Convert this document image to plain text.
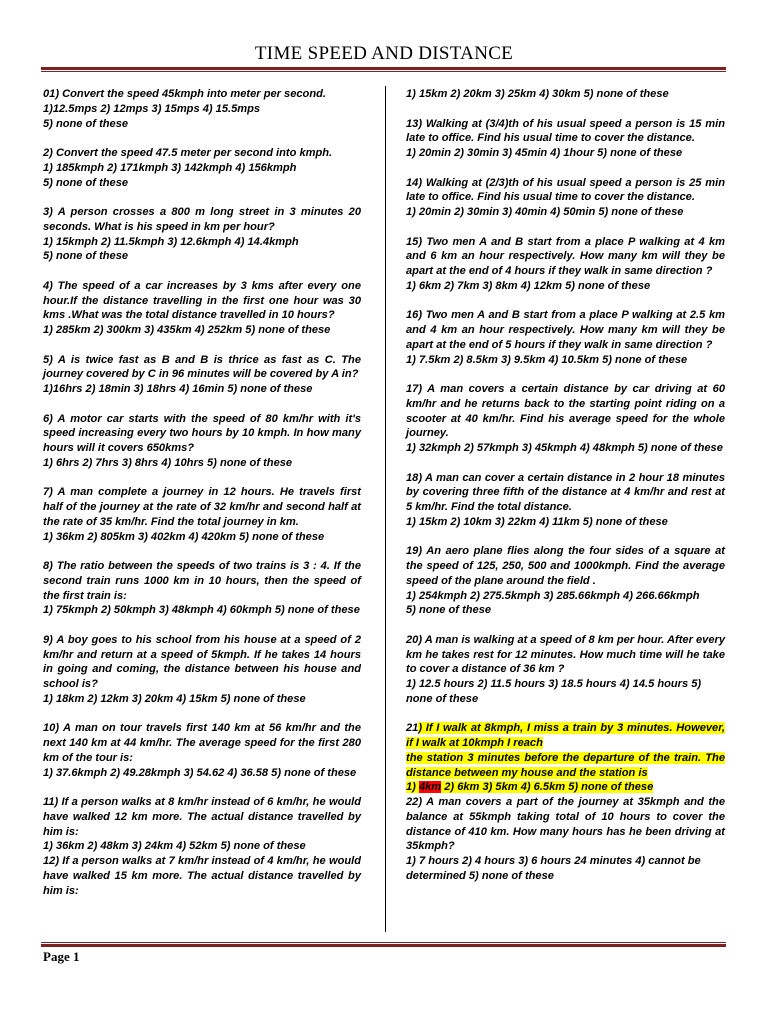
TIME SPEED AND DISTANCE
01) Convert the speed 45kmph into meter per second.
1)12.5mps 2) 12mps 3) 15mps 4) 15.5mps
5) none of these
2) Convert the speed 47.5 meter per second into kmph.
1) 185kmph 2) 171kmph 3) 142kmph 4) 156kmph
5) none of these
3) A person crosses a 800 m long street in 3 minutes 20 seconds. What is his speed in km per hour?
1) 15kmph 2) 11.5kmph 3) 12.6kmph 4) 14.4kmph
5) none of these
4) The speed of a car increases by 3 kms after every one hour.If the distance travelling in the first one hour was 30 kms .What was the total distance travelled in 10 hours?
1) 285km 2) 300km 3) 435km 4) 252km 5) none of these
5) A is twice fast as B and B is thrice as fast as C. The journey covered by C in 96 minutes will be covered by A in?
1)16hrs 2) 18min 3) 18hrs 4) 16min 5) none of these
6) A motor car starts with the speed of 80 km/hr with it's speed increasing every two hours by 10 kmph. In how many hours will it covers 650kms?
1) 6hrs 2) 7hrs 3) 8hrs 4) 10hrs 5) none of these
7) A man complete a journey in 12 hours. He travels first half of the journey at the rate of 32 km/hr and second half at the rate of 35 km/hr. Find the total journey in km.
1) 36km 2) 805km 3) 402km 4) 420km 5) none of these
8) The ratio between the speeds of two trains is 3 : 4. If the second train runs 1000 km in 10 hours, then the speed of the first train is:
1) 75kmph 2) 50kmph 3) 48kmph 4) 60kmph 5) none of these
9) A boy goes to his school from his house at a speed of 2 km/hr and return at a speed of 5kmph. If he takes 14 hours in going and coming, the distance between his house and school is?
1) 18km 2) 12km 3) 20km 4) 15km 5) none of these
10) A man on tour travels first 140 km at 56 km/hr and the next 140 km at 44 km/hr. The average speed for the first 280 km of the tour is:
1) 37.6kmph 2) 49.28kmph 3) 54.62 4) 36.58 5) none of these
11) If a person walks at 8 km/hr instead of 6 km/hr, he would have walked 12 km more. The actual distance travelled by him is:
1) 36km 2) 48km 3) 24km 4) 52km 5) none of these
12) If a person walks at 7 km/hr instead of 4 km/hr, he would have walked 15 km more. The actual distance travelled by him is:
1) 15km 2) 20km 3) 25km 4) 30km 5) none of these
13) Walking at (3/4)th of his usual speed a person is 15 min late to office. Find his usual time to cover the distance.
1) 20min 2) 30min 3) 45min 4) 1hour 5) none of these
14) Walking at (2/3)th of his usual speed a person is 25 min late to office. Find his usual time to cover the distance.
1) 20min 2) 30min 3) 40min 4) 50min 5) none of these
15) Two men A and B start from a place P walking at 4 km and 6 km an hour respectively. How many km will they be apart at the end of 4 hours if they walk in same direction ?
1) 6km 2) 7km 3) 8km 4) 12km 5) none of these
16) Two men A and B start from a place P walking at 2.5 km and 4 km an hour respectively. How many km will they be apart at the end of 5 hours if they walk in same direction ?
1) 7.5km 2) 8.5km 3) 9.5km 4) 10.5km 5) none of these
17) A man covers a certain distance by car driving at 60 km/hr and he returns back to the starting point riding on a scooter at 40 km/hr. Find his average speed for the whole journey.
1) 32kmph 2) 57kmph 3) 45kmph 4) 48kmph 5) none of these
18) A man can cover a certain distance in 2 hour 18 minutes by covering three fifth of the distance at 4 km/hr and rest at 5 km/hr. Find the total distance.
1) 15km 2) 10km 3) 22km 4) 11km 5) none of these
19) An aero plane flies along the four sides of a square at the speed of 125, 250, 500 and 1000kmph. Find the average speed of the plane around the field .
1) 254kmph 2) 275.5kmph 3) 285.66kmph 4) 266.66kmph
5) none of these
20) A man is walking at a speed of 8 km per hour. After every km he takes rest for 12 minutes. How much time will he take to cover a distance of 36 km ?
1) 12.5 hours 2) 11.5 hours 3) 18.5 hours 4) 14.5 hours 5) none of these
21) If I walk at 8kmph, I miss a train by 3 minutes. However, if I walk at 10kmph I reach
the station 3 minutes before the departure of the train. The distance between my house and the station is
1) 4km 2) 6km 3) 5km 4) 6.5km 5) none of these
22) A man covers a part of the journey at 35kmph and the balance at 55kmph taking total of 10 hours to cover the distance of 410 km. How many hours has he been driving at 35kmph?
1) 7 hours 2) 4 hours 3) 6 hours 24 minutes 4) cannot be determined 5) none of these
Page 1
